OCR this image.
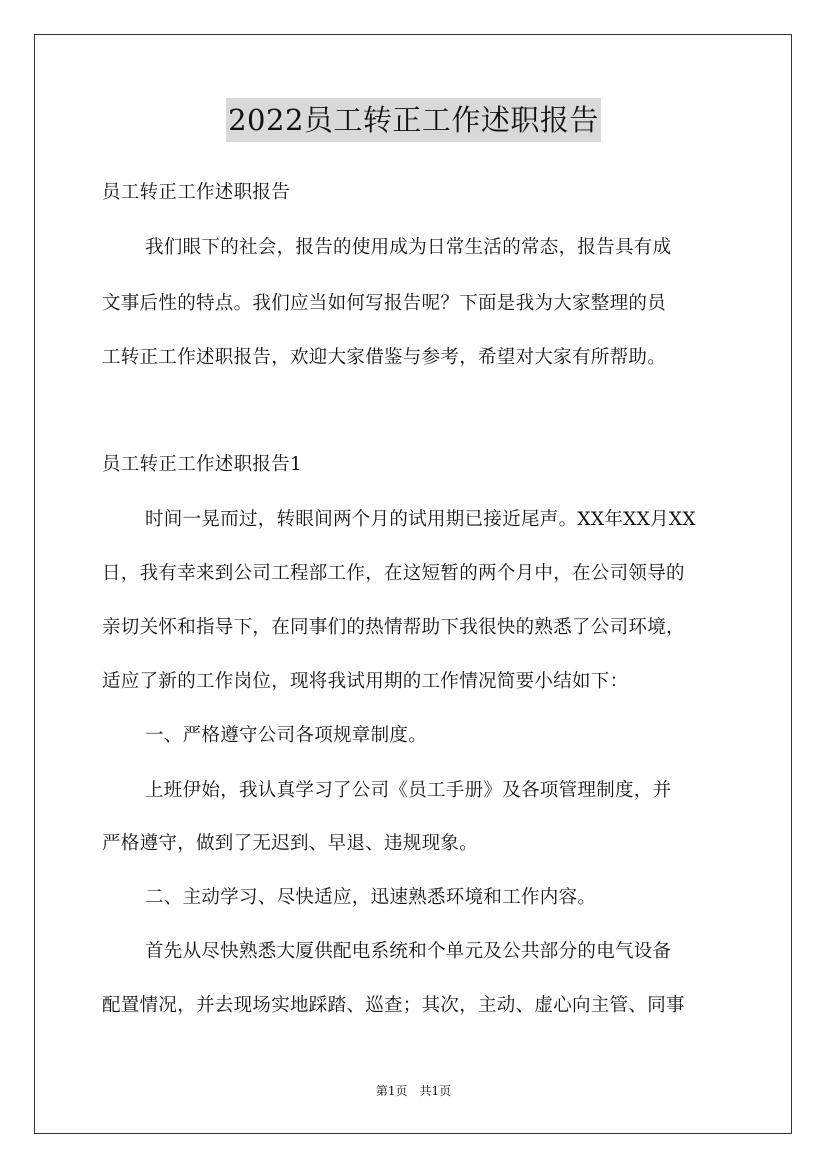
2022员工转正工作述职报告
员工转正工作述职报告
我们眼下的社会，报告的使用成为日常生活的常态，报告具有成
文事后性的特点。我们应当如何写报告呢？下面是我为大家整理的员
工转正工作述职报告，欢迎大家借鉴与参考，希望对大家有所帮助。
员工转正工作述职报告1
时间一晃而过，转眼间两个月的试用期已接近尾声。XX年XX月XX
日，我有幸来到公司工程部工作，在这短暂的两个月中，在公司领导的
亲切关怀和指导下，在同事们的热情帮助下我很快的熟悉了公司环境，
适应了新的工作岗位，现将我试用期的工作情况简要小结如下：
一、严格遵守公司各项规章制度。
上班伊始，我认真学习了公司《员工手册》及各项管理制度，并
严格遵守，做到了无迟到、早退、违规现象。
二、主动学习、尽快适应，迅速熟悉环境和工作内容。
首先从尽快熟悉大厦供配电系统和个单元及公共部分的电气设备
配置情况，并去现场实地踩踏、巡查；其次，主动、虚心向主管、同事
第1页　共1页
